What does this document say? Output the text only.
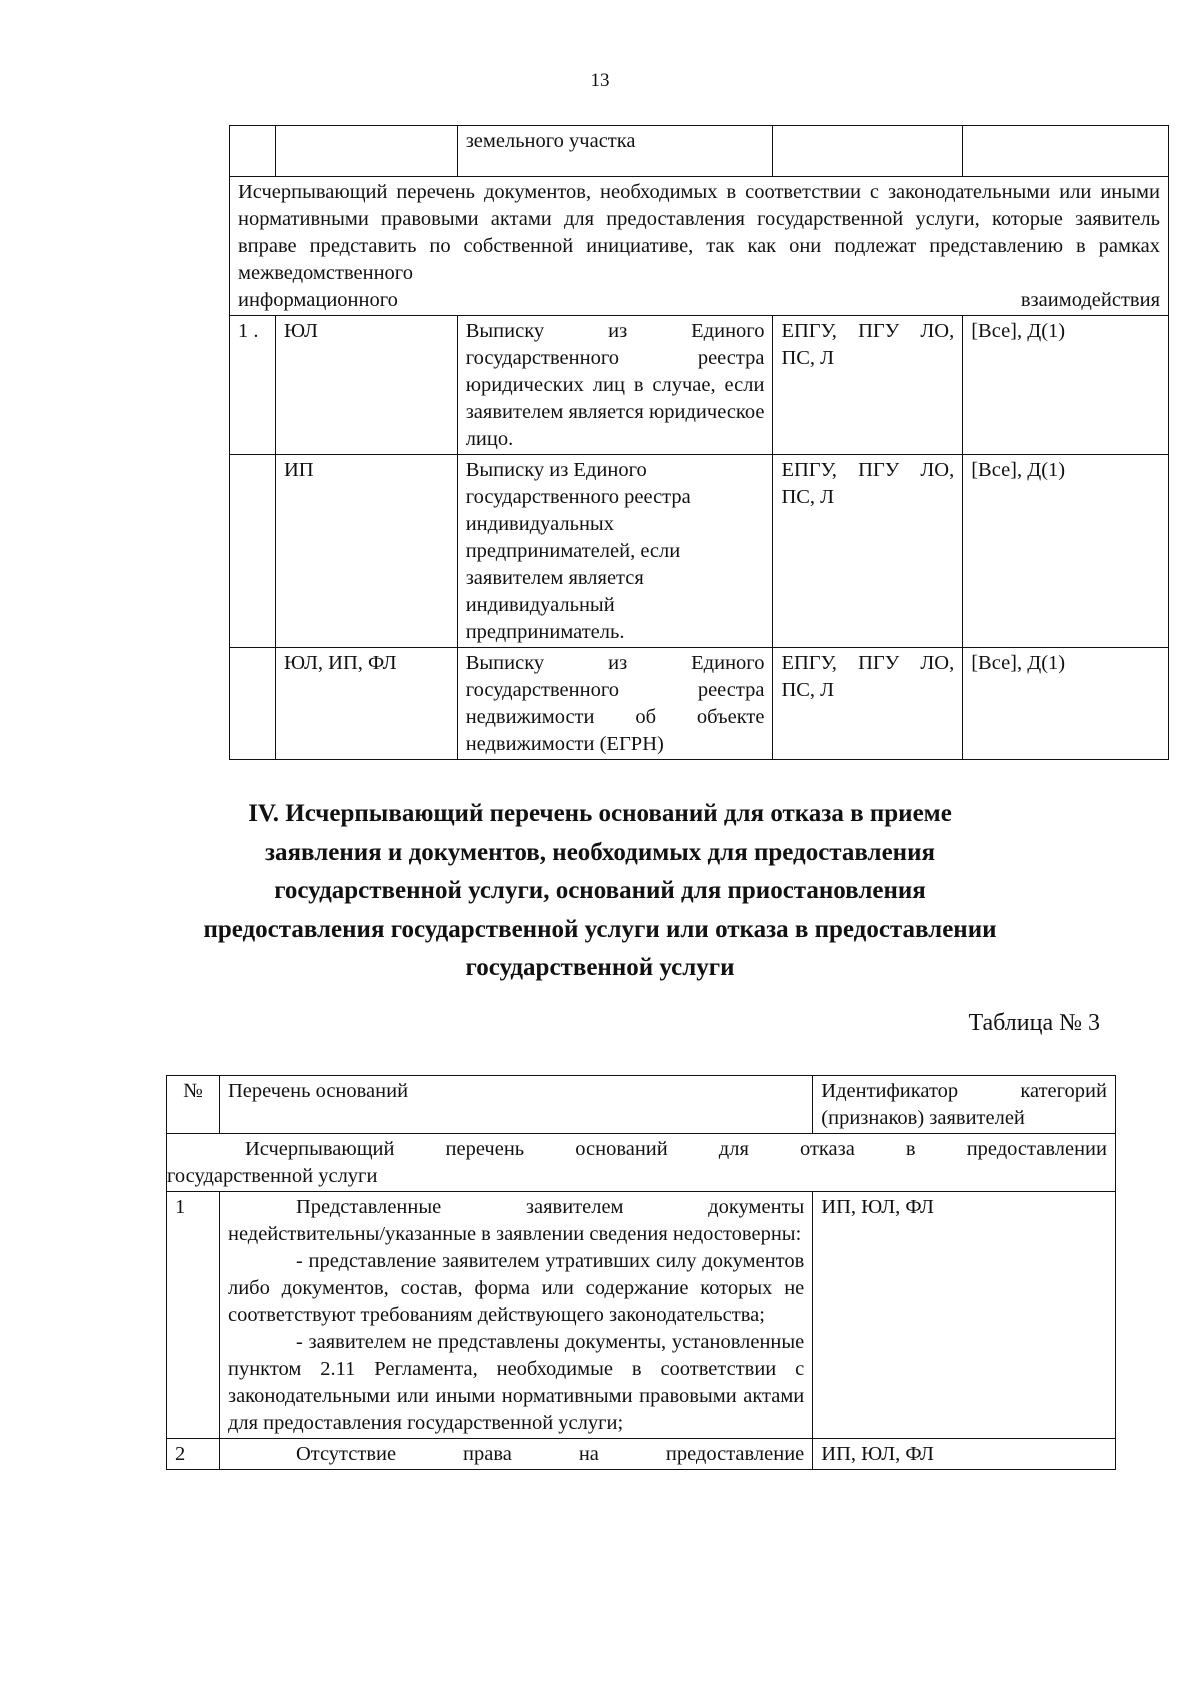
13
		земельного участка		
Исчерпывающий перечень документов, необходимых в соответствии с законодательными или иными нормативными правовыми актами для предоставления государственной услуги, которые заявитель вправе представить по собственной инициативе, так как они подлежат представлению в рамках межведомственного
информационного взаимодействия				

1 .	ЮЛ	Выписку из Единого государственного реестра юридических лиц в случае, если заявителем является юридическое лицо.	ЕПГУ, ПГУ ЛО, ПС, Л	[Все], Д(1)
	ИП	Выписку из Единого государственного реестра индивидуальных предпринимателей, если заявителем является индивидуальный предприниматель.	ЕПГУ, ПГУ ЛО, ПС, Л	[Все], Д(1)
	ЮЛ, ИП, ФЛ	Выписку из Единого государственного реестра недвижимости об объекте недвижимости (ЕГРН)	ЕПГУ, ПГУ ЛО, ПС, Л	[Все], Д(1)
IV. Исчерпывающий перечень оснований для отказа в приеме
заявления и документов, необходимых для предоставления
государственной услуги, оснований для приостановления
предоставления государственной услуги или отказа в предоставлении
государственной услуги
Таблица № 3
№	Перечень оснований	Идентификатор категорий (признаков) заявителей

Исчерпывающий перечень оснований для отказа в предоставлении
государственной услуги		

1	Представленные заявителем документы недействительны/указанные в заявлении сведения недостоверны:
- представление заявителем утративших силу документов либо документов, состав, форма или содержание которых не соответствуют требованиям действующего законодательства;
- заявителем не представлены документы, установленные пунктом 2.11 Регламента, необходимые в соответствии с законодательными или иными нормативными правовыми актами для предоставления государственной услуги;	ИП, ЮЛ, ФЛ
2	Отсутствие права на предоставление	ИП, ЮЛ, ФЛ
